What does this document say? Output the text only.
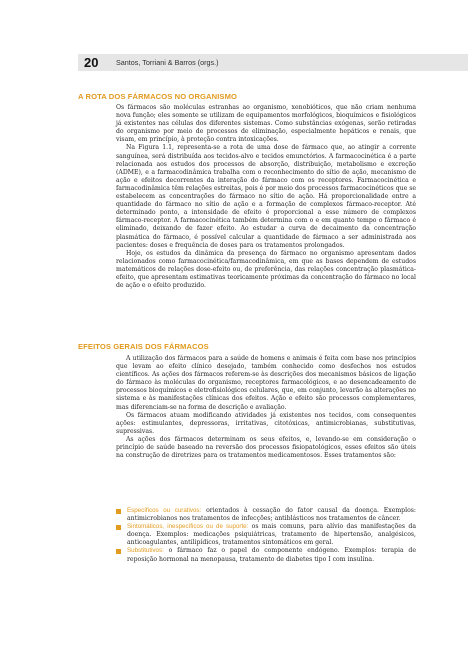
20 Santos, Torriani & Barros (orgs.)
A ROTA DOS FÁRMACOS NO ORGANISMO

Os fármacos são moléculas estranhas ao organismo, xenobióticos, que não criam nenhuma nova função; eles somente se utilizam de equipamentos morfológicos, bioquímicos e fisiológicos já existentes nas células dos diferentes sistemas. Como substâncias exógenas, serão retiradas do organismo por meio de processos de eliminação, especialmente hepáticos e renais, que visam, em princípio, à proteção contra intoxicações.

Na Figura 1.1, representa-se a rota de uma dose de fármaco que, ao atingir a corrente sanguínea, será distribuída aos tecidos-alvo e tecidos emunctórios. A farmacocinética é a parte relacionada aos estudos dos processos de absorção, distribuição, metabolismo e excreção (ADME), e a farmacodinâmica trabalha com o reconhecimento do sítio de ação, mecanismo de ação e efeitos decorrentes da interação do fármaco com os receptores. Farmacocinética e farmacodinâmica têm relações estreitas, pois é por meio dos processos farmacocinéticos que se estabelecem as concentrações do fármaco no sítio de ação. Há proporcionalidade entre a quantidade do fármaco no sítio de ação e a formação de complexos fármaco-receptor. Até determinado ponto, a intensidade de efeito é proporcional a esse número de complexos fármaco-receptor. A farmacocinética também determina com o e em quanto tempo o fármaco é eliminado, deixando de fazer efeito. Ao estudar a curva de decaimento da concentração plasmática do fármaco, é possível calcular a quantidade de fármaco a ser administrada aos pacientes: doses e frequência de doses para os tratamentos prolongados.

Hoje, os estudos da dinâmica da presença do fármaco no organismo apresentam dados relacionados como farmacocinética/farmacodinâmica, em que as bases dependem de estudos matemáticos de relações dose-efeito ou, de preferência, das relações concentração plasmática-efeito, que apresentam estimativas teoricamente próximas da concentração do fármaco no local de ação e o efeito produzido.

EFEITOS GERAIS DOS FÁRMACOS

A utilização dos fármacos para a saúde de homens e animais é feita com base nos princípios que levam ao efeito clínico desejado, também conhecido como desfechos nos estudos científicos. As ações dos fármacos referem-se às descrições dos mecanismos básicos de ligação do fármaco às moléculas do organismo, receptores farmacológicos, e ao desencadeamento de processos bioquímicos e eletrofisiológicos celulares, que, em conjunto, levarão às alterações no sistema e às manifestações clínicas dos efeitos. Ação e efeito são processos complementares, mas diferenciam-se na forma de descrição e avaliação.

Os fármacos atuam modificando atividades já existentes nos tecidos, com consequentes ações: estimulantes, depressoras, irritativas, citotóxicas, antimicrobianas, substitutivas, supressivas.

As ações dos fármacos determinam os seus efeitos, e, levando-se em consideração o princípio de saúde baseado na reversão dos processos fisiopatológicos, esses efeitos são úteis na construção de diretrizes para os tratamentos medicamentosos. Esses tratamentos são:

Específicos ou curativos: orientados à cessação do fator causal da doença. Exemplos: antimicrobianos nos tratamentos de infecções; antiblásticos nos tratamentos de câncer.
Sintomáticos, inespecíficos ou de suporte: os mais comuns, para alívio das manifestações da doença. Exemplos: medicações psiquiátricas, tratamento de hipertensão, analgésicos, anticoagulantes, antilipídicos, tratamentos sintomáticos em geral.
Substitutivos: o fármaco faz o papel do componente endógeno. Exemplos: terapia de reposição hormonal na menopausa, tratamento de diabetes tipo I com insulina.
